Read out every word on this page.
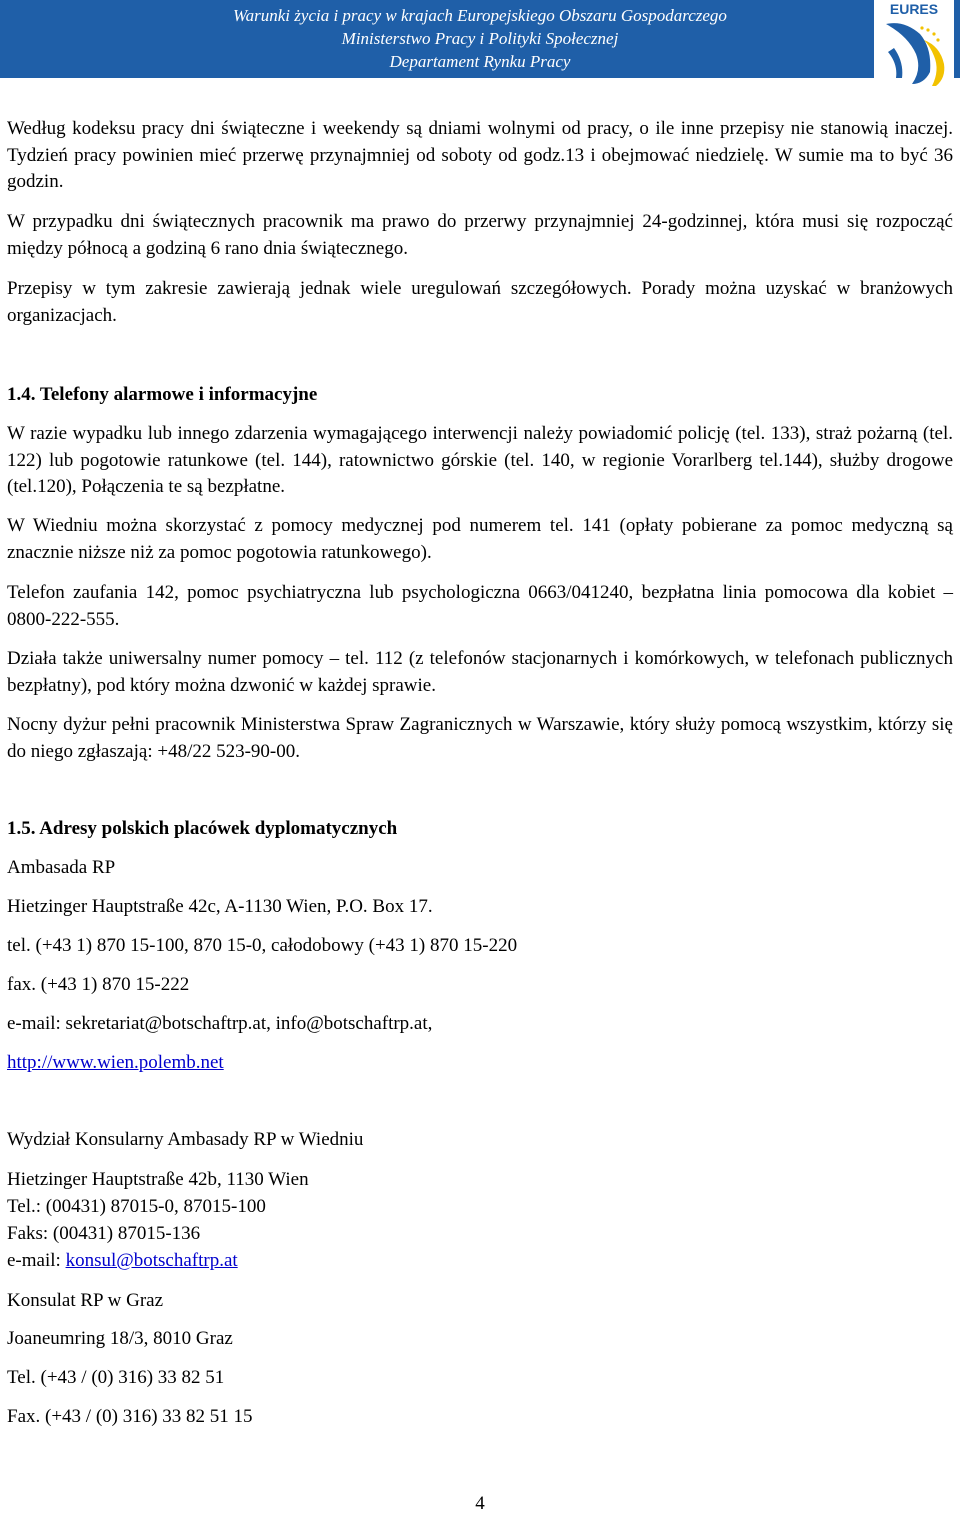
Warunki życia i pracy w krajach Europejskiego Obszaru Gospodarczego
Ministerstwo Pracy i Polityki Społecznej
Departament Rynku Pracy
EURES
Według kodeksu pracy dni świąteczne i weekendy są dniami wolnymi od pracy, o ile inne przepisy nie stanowią inaczej. Tydzień pracy powinien mieć przerwę przynajmniej od soboty od godz.13 i obejmować niedzielę. W sumie ma to być 36 godzin.
W przypadku dni świątecznych pracownik ma prawo do przerwy przynajmniej 24-godzinnej, która musi się rozpocząć między północą a godziną 6 rano dnia świątecznego.
Przepisy w tym zakresie zawierają jednak wiele uregulowań szczegółowych. Porady można uzyskać w branżowych organizacjach.
1.4. Telefony alarmowe i informacyjne
W razie wypadku lub innego zdarzenia wymagającego interwencji należy powiadomić policję (tel. 133), straż pożarną (tel. 122) lub pogotowie ratunkowe (tel. 144), ratownictwo górskie (tel. 140, w regionie Vorarlberg tel.144), służby drogowe (tel.120), Połączenia te są bezpłatne.
W Wiedniu można skorzystać z pomocy medycznej pod numerem tel. 141 (opłaty pobierane za pomoc medyczną są znacznie niższe niż za pomoc pogotowia ratunkowego).
Telefon zaufania 142, pomoc psychiatryczna lub psychologiczna 0663/041240, bezpłatna linia pomocowa dla kobiet – 0800-222-555.
Działa także uniwersalny numer pomocy – tel. 112 (z telefonów stacjonarnych i komórkowych, w telefonach publicznych bezpłatny), pod który można dzwonić w każdej sprawie.
Nocny dyżur pełni pracownik Ministerstwa Spraw Zagranicznych w Warszawie, który służy pomocą wszystkim, którzy się do niego zgłaszają: +48/22 523-90-00.
1.5. Adresy polskich placówek dyplomatycznych
Ambasada RP
Hietzinger Hauptstraße 42c, A-1130 Wien, P.O. Box 17.
tel. (+43 1) 870 15-100, 870 15-0, całodobowy (+43 1) 870 15-220
fax. (+43 1) 870 15-222
e-mail: sekretariat@botschaftrp.at, info@botschaftrp.at,
http://www.wien.polemb.net
Wydział Konsularny Ambasady RP w Wiedniu
Hietzinger Hauptstraße 42b, 1130 Wien
Tel.: (00431) 87015-0, 87015-100
Faks: (00431) 87015-136
e-mail: konsul@botschaftrp.at
Konsulat RP w Graz
Joaneumring 18/3, 8010 Graz
Tel. (+43 / (0) 316) 33 82 51
Fax. (+43 / (0) 316) 33 82 51 15
4
